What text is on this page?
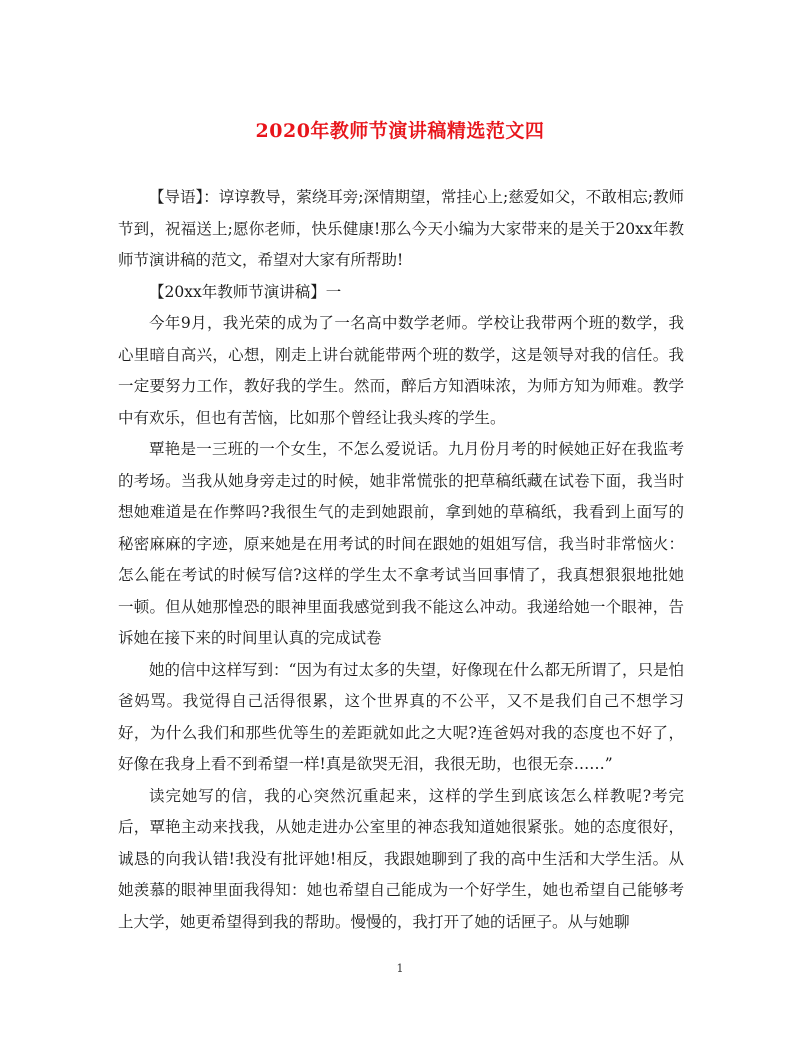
2020年教师节演讲稿精选范文四

【导语】：谆谆教导，萦绕耳旁;深情期望，常挂心上;慈爱如父，不敢相忘;教师节到，祝福送上;愿你老师，快乐健康!那么今天小编为大家带来的是关于20xx年教师节演讲稿的范文，希望对大家有所帮助!

【20xx年教师节演讲稿】一

今年9月，我光荣的成为了一名高中数学老师。学校让我带两个班的数学，我心里暗自高兴，心想，刚走上讲台就能带两个班的数学，这是领导对我的信任。我一定要努力工作，教好我的学生。然而，醉后方知酒味浓，为师方知为师难。教学中有欢乐，但也有苦恼，比如那个曾经让我头疼的学生。

覃艳是一三班的一个女生，不怎么爱说话。九月份月考的时候她正好在我监考的考场。当我从她身旁走过的时候，她非常慌张的把草稿纸藏在试卷下面，我当时想她难道是在作弊吗?我很生气的走到她跟前，拿到她的草稿纸，我看到上面写的秘密麻麻的字迹，原来她是在用考试的时间在跟她的姐姐写信，我当时非常恼火：怎么能在考试的时候写信?这样的学生太不拿考试当回事情了，我真想狠狠地批她一顿。但从她那惶恐的眼神里面我感觉到我不能这么冲动。我递给她一个眼神，告诉她在接下来的时间里认真的完成试卷

她的信中这样写到：“因为有过太多的失望，好像现在什么都无所谓了，只是怕爸妈骂。我觉得自己活得很累，这个世界真的不公平，又不是我们自己不想学习好，为什么我们和那些优等生的差距就如此之大呢?连爸妈对我的态度也不好了，好像在我身上看不到希望一样!真是欲哭无泪，我很无助，也很无奈……”

读完她写的信，我的心突然沉重起来，这样的学生到底该怎么样教呢?考完后，覃艳主动来找我，从她走进办公室里的神态我知道她很紧张。她的态度很好，诚恳的向我认错!我没有批评她!相反，我跟她聊到了我的高中生活和大学生活。从她羡慕的眼神里面我得知：她也希望自己能成为一个好学生，她也希望自己能够考上大学，她更希望得到我的帮助。慢慢的，我打开了她的话匣子。从与她聊

1
